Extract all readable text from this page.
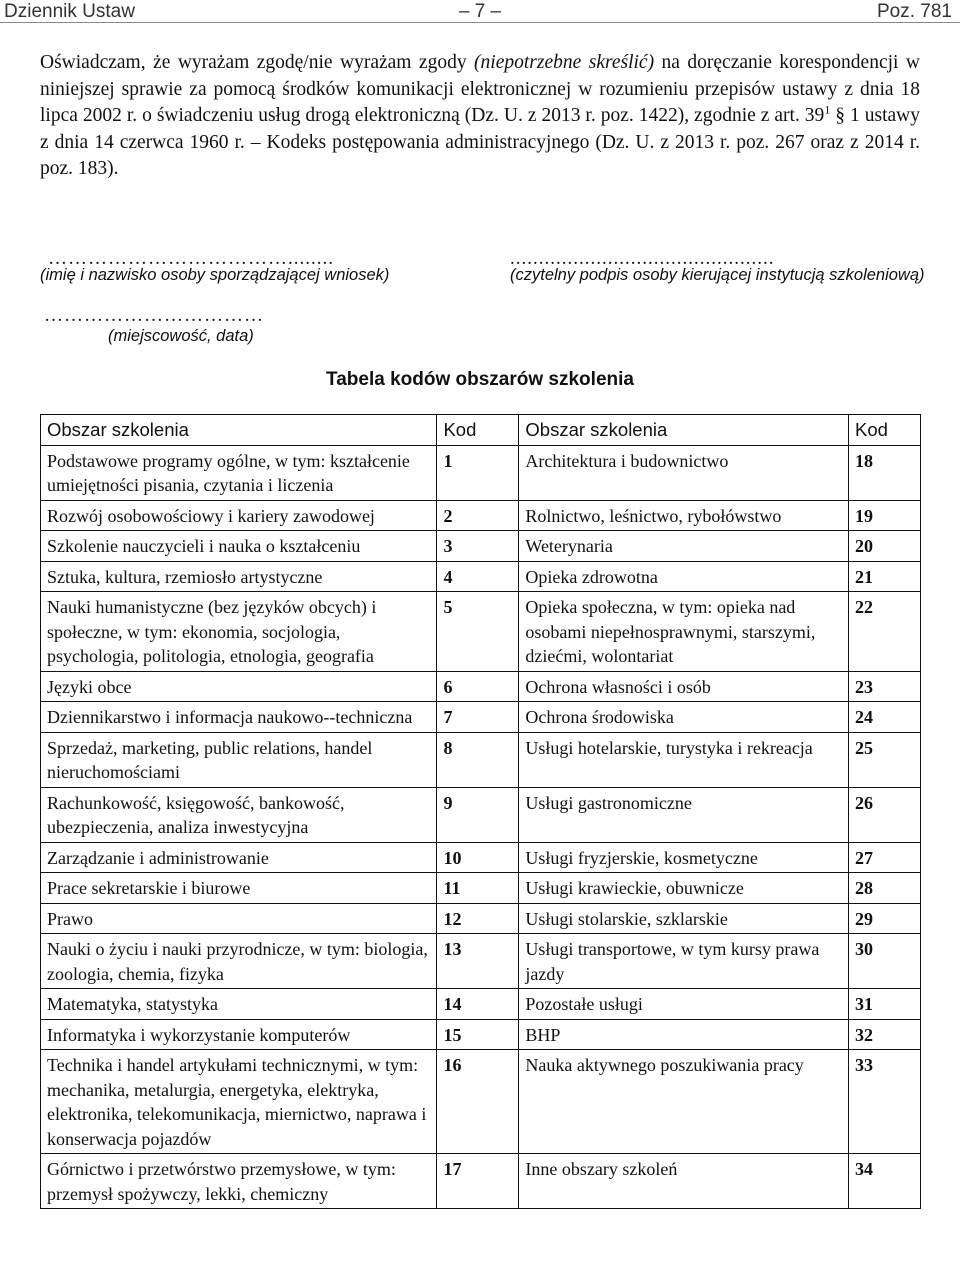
Dziennik Ustaw	– 7 –	Poz. 781

Oświadczam, że wyrażam zgodę/nie wyrażam zgody (niepotrzebne skreślić) na doręczanie korespondencji w niniejszej sprawie za pomocą środków komunikacji elektronicznej w rozumieniu przepisów ustawy z dnia 18 lipca 2002 r. o świadczeniu usług drogą elektroniczną (Dz. U. z 2013 r. poz. 1422), zgodnie z art. $39^1$ § 1 ustawy z dnia 14 czerwca 1960 r. – Kodeks postępowania administracyjnego (Dz. U. z 2013 r. poz. 267 oraz z 2014 r. poz. 183).

………………………………........
(imię i nazwisko osoby sporządzającej wniosek)
..............................................
(czytelny podpis osoby kierującej instytucją szkoleniową)
……………………………
(miejscowość, data)
Tabela kodów obszarów szkolenia
Obszar szkolenia	Kod	Obszar szkolenia	Kod
Podstawowe programy ogólne, w tym: kształcenie umiejętności pisania, czytania i liczenia	1	Architektura i budownictwo	18
Rozwój osobowościowy i kariery zawodowej	2	Rolnictwo, leśnictwo, rybołówstwo	19
Szkolenie nauczycieli i nauka o kształceniu	3	Weterynaria	20
Sztuka, kultura, rzemiosło artystyczne	4	Opieka zdrowotna	21
Nauki humanistyczne (bez języków obcych) i społeczne, w tym: ekonomia, socjologia, psychologia, politologia, etnologia, geografia	5	Opieka społeczna, w tym: opieka nad osobami niepełnosprawnymi, starszymi, dziećmi, wolontariat	22
Języki obce	6	Ochrona własności i osób	23
Dziennikarstwo i informacja naukowo--techniczna	7	Ochrona środowiska	24
Sprzedaż, marketing, public relations, handel nieruchomościami	8	Usługi hotelarskie, turystyka i rekreacja	25
Rachunkowość, księgowość, bankowość, ubezpieczenia, analiza inwestycyjna	9	Usługi gastronomiczne	26
Zarządzanie i administrowanie	10	Usługi fryzjerskie, kosmetyczne	27
Prace sekretarskie i biurowe	11	Usługi krawieckie, obuwnicze	28
Prawo	12	Usługi stolarskie, szklarskie	29
Nauki o życiu i nauki przyrodnicze, w tym: biologia, zoologia, chemia, fizyka	13	Usługi transportowe, w tym kursy prawa jazdy	30
Matematyka, statystyka	14	Pozostałe usługi	31
Informatyka i wykorzystanie komputerów	15	BHP	32
Technika i handel artykułami technicznymi, w tym: mechanika, metalurgia, energetyka, elektryka, elektronika, telekomunikacja, miernictwo, naprawa i konserwacja pojazdów	16	Nauka aktywnego poszukiwania pracy	33
Górnictwo i przetwórstwo przemysłowe, w tym: przemysł spożywczy, lekki, chemiczny	17	Inne obszary szkoleń	34
